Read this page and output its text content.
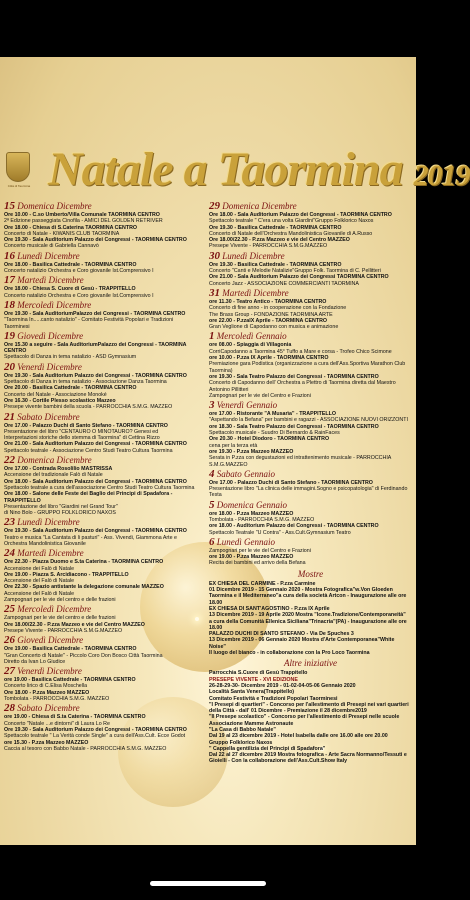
Città di Taormina Natale a Taormina 2019
15 Domenica Dicembre
Ore 10.00 - C.so Umberto/Villa Comunale TAORMINA CENTRO
2ª Edizione passeggiata Cinofila - AMICI DEL GOLDEN RETRIVER
Ore 18.00 - Chiesa di S.Caterina TAORMINA CENTRO
Concerto di Natale - KIWANIS CLUB TAORMINA
Ore 19.30 - Sala Auditorium Palazzo dei Congressi - TAORMINA CENTRO
Concerto musicale di Gabriella Cannavò
16 Lunedì Dicembre
Ore 18.00 - Basilica Cattedrale - TAORMINA CENTRO
Concerto natalizio Orchestra e Coro giovanile Ist.Comprensivo I
17 Martedì Dicembre
Ore 18.00 - Chiesa S. Cuore di Gesù - TRAPPITELLO
Concerto natalizio Orchestra e Coro giovanile Ist.Comprensivo I
18 Mercoledì Dicembre
Ore 19.30 - Sala AuditoriumPalazzo dei Congressi - TAORMINA CENTRO
"Taormina In.....canto natalizio" - Comitato Festività Popolari e Tradizioni
Taorminesi
19 Giovedì Dicembre
Ore 15.30 a seguire - Sala AuditoriumPalazzo dei Congressi - TAORMINA CENTRO
Spettacolo di Danza in tema natalizio - ASD Gymnasium
20 Venerdì Dicembre
Ore 19.30 - Sala Auditorium Palazzo dei Congressi - TAORMINA CENTRO
Spettacolo di Danza in tema natalizio - Associazione Danza Taormina
Ore 20.00 - Basilica Cattedrale - TAORMINA CENTRO
Concerto del Natale - Associazione Monoké
Ore 16.30 - Cortile Plesso scolastico Mazzeo
Presepe vivente bambini della scuola - PARROCCHIA S.M.G. MAZZEO
21 Sabato Dicembre
Ore 17.00 - Palazzo Duchi di Santo Stefano - TAORMINA CENTRO
Presentazione del libro "CENTAURO O MINOTAURO? Genesi ed
Interpretazioni storiche dello stemma di Taormina" di Cettina Rizzo
Ore 21.00 - Sala Auditorium Palazzo dei Congressi - TAORMINA CENTRO
Spettacolo teatrale - Associazione Centro Studi Teatro Cultura Taormina
22 Domenica Dicembre
Ore 17.00 - Contrada Rosolilio MASTRISSA
Accensione del tradizionale Falò di Natale
Ore 18.00 - Sala Auditorium Palazzo dei Congressi - TAORMINA CENTRO
Spettacolo teatrale a cura dell'associazione Centro Studi Teatro Cultura Taormina
Ore 18.00 - Salone delle Feste dei Baglio dei Principi di Spadafora - TRAPPITELLO
Presentazione del libro "Giardini nel Grand Tour"
di Nino Bolo - GRUPPO FOLKLORICO NAXOS
23 Lunedì Dicembre
Ore 19.30 - Sala Auditorium Palazzo dei Congressi - TAORMINA CENTRO
Teatro e musica "La Cantata di li pasturi" - Ass. Vivendi, Giammona Arte e
Orchestra Mandolinistica Giovanile
24 Martedì Dicembre
Ore 22.30 - Piazza Duomo e S.ta Caterina - TAORMINA CENTRO
Accensione dei Falò di Natale
Ore 19.00 - Piazza S. Arcidiacono - TRAPPITELLO
Accensione del Falò di Natale
Ore 22.30 - Spazio antistante la delegazione comunale MAZZEO
Accensione del Falò di Natale
Zampognari per le vie del centro e delle frazioni
25 Mercoledì Dicembre
Zampognari per le vie del centro e delle frazioni
Ore 18.00/22.30 - P.zza Mazzeo e vie del Centro MAZZEO
Presepe Vivente - PARROCCHIA S.M.G.MAZZEO
26 Giovedì Dicembre
Ore 19.00 - Basilica Cattedrale - TAORMINA CENTRO
"Gran Concerto di Natale" - Piccolo Coro Don Bosco Città Taormina
Diretto da Ivan Lo Giudice
27 Venerdì Dicembre
ore 19.00 - Basilica Cattedrale - TAORMINA CENTRO
Concerto lirico di C.Elisa Moschella
Ore 18.00 - P.zza Mazzeo MAZZEO
Tombolata - PARROCCHIA S.M.G. MAZZEO
28 Sabato Dicembre
ore 19.00 - Chiesa di S.ta Caterina - TAORMINA CENTRO
Concerto "Natale ...e dintorni" di Laura Lo Re
Ore 19.30 - Sala Auditorium Palazzo dei Congressi - TAORMINA CENTRO
Spettacolo teatrale " La Verità conde Single" a cura dell'Ass.Cult. Ecce Godot
ore 15.30 - P.zza Mazzeo MAZZEO
Caccia al tesoro con Babbo Natale - PARROCCHIA S.M.G. MAZZEO
29 Domenica Dicembre
Ore 18.00 - Sala Auditorium Palazzo dei Congressi - TAORMINA CENTRO
Spettacolo teatrale " C'era una volta Giardini"Gruppo Folklorico Naxos
Ore 19.30 - Basilica Cattedrale - TAORMINA CENTRO
Concerto di Natale dell'Orchestra Mandolinistica Giovanile di A.Russo
Ore 18.00/22.30 - P.zza Mazzeo e vie del Centro MAZZEO
Presepe Vivente - PARROCCHIA S.M.G.MAZZEO
30 Lunedì Dicembre
Ore 19.30 - Basilica Cattedrale - TAORMINA CENTRO
Concerto "Canti e Melodie Natalizie"Gruppo Folk. Taormina di C. Pellitteri
Ore 21.00 - Sala Auditorium Palazzo dei Congressi TAORMINA CENTRO
Concerto Jazz - ASSOCIAZIONE COMMERCIANTI TAORMINA
31 Martedì Dicembre
ore 11.30 - Teatro Antico - TAORMINA CENTRO
Concerto di fine anno - in cooperazione con la Fondazione
The Brass Group - FONDAZIONE TAORMINA ARTE
ore 22.00 - P.zzaIX Aprile - TAORMINA CENTRO
Gran Veglione di Capodanno con musica e animazione
1 Mercoledì Gennaio
ore 08.00 - Spiaggia di Villagonia
CorriCapodanno a Taormina 45° Tuffo a Mare e corsa - Trofeo Chico Scimone
ore 10.00 - P.zza IX Aprile - TAORMINA CENTRO
Premiazione gara Podistica (organizzazione a cura dell'Ass.Sportiva Marathon Club Taormina)
ore 19.30 - Sala Teatro Palazzo dei Congressi - TAORMINA CENTRO
Concerto di Capodanno dell' Orchestra a Plettro di Taormina diretta dal Maestro
Antonino Pillitteri
Zampognari per le vie del Centro e Frazioni
3 Venerdì Gennaio
ore 17.00 - Ristorante "A Musarìa" - TRAPPITELLO
"Aspettando la Befana" per bambini e ragazzi - ASSOCIAZIONE NUOVI ORIZZONTI
ore 18.30 - Sala Teatro Palazzo dei Congressi - TAORMINA CENTRO
Spettacolo musicale - Suudro Di Bernardo & RainFaces
Ore 20.30 - Hotel Diodoro - TAORMINA CENTRO
cena per la terza età
ore 19.30 - P.zza Mazzeo MAZZEO
Serata in P.zza con degustazioni ed intrattenimento musicale - PARROCCHIA S.M.G.MAZZEO
4 Sabato Gennaio
Ore 17.00 - Palazzo Duchi di Santo Stefano - TAORMINA CENTRO
Presentazione libro "La clinica delle immagini.Sogno e psicopatologia" di Ferdinando Testa
5 Domenica Gennaio
ore 18.00 - P.zza Mazzeo MAZZEO
Tombolata - PARROCCHIA S.M.G. MAZZEO
ore 18.00 - Auditorium Palazzo dei Congressi - TAORMINA CENTRO
Spettacolo Teatrale "U Contra" - Ass.Cult.Gymnasium Teatro
6 Lunedì Gennaio
Zampognari per le vie del Centro e Frazioni
ore 19.00 - P.zza Mazzeo MAZZEO
Recita dei bambini ed arrivo della Befana
Mostre
EX CHIESA DEL CARMINE - P.zza Carmine
01 Dicembre 2019 - 15 Gennaio 2020 - Mostra Fotografica"w.Von Gloeden
Taormina e il Mediterraneo"a cura della società Artcon - Inaugurazione alle ore 18.00
EX CHIESA DI SANT'AGOSTINO - P.zza IX Aprile
13 Dicembre 2019 - 19 Aprile 2020 Mostra "Icone.Tradizione/Contemporaneità"
a cura della Comunità Ellenica Siciliana"Trinacria"(PA) - Inaugurazione alle ore 18.00
PALAZZO DUCHI DI SANTO STEFANO - Via De Spuches 3
13 Dicembre 2019 - 06 Gennaio 2020 Mostra d'Arte Contemporanea"White Noise"
Il luogo del bianco - in collaborazione con la Pro Loco Taormina
Altre iniziative
Parrocchia S.Cuore di Gesù Trappitello
PRESEPE VIVENTE - XVI EDIZIONE
26-28-29-30- Dicembre 2019 - 01-02-04-05-06 Gennaio 2020
Località Santa Venera(Trappitello)
Comitato Festività e Tradizioni Popolari Taorminesi
"I Presepi di quartieri" - Concorso per l'allestimento di Presepi nei vari quartieri
della Città - dall' 01 Dicembre - Premiazione il 28 dicembre2019
"Il Presepe scolastico" - Concorso per l'allestimento di Presepi nelle scuole
Associazione Mamme Astronaute
"La Casa di Babbo Natale"
Dal 19 al 23 dicembre 2019 - Hotel Isabella dalle ore 16.00 alle ore 20.00
Gruppo Folklorico Naxos
" Cappella gentilizia dei Principi di Spadafora"
Dal 22 al 27 dicembre 2019 Mostra fotografica - Arte Sacra Normanno/Tessuti e
Gioielli - Con la collaborazione dell'Ass.Cult.Show Italy
